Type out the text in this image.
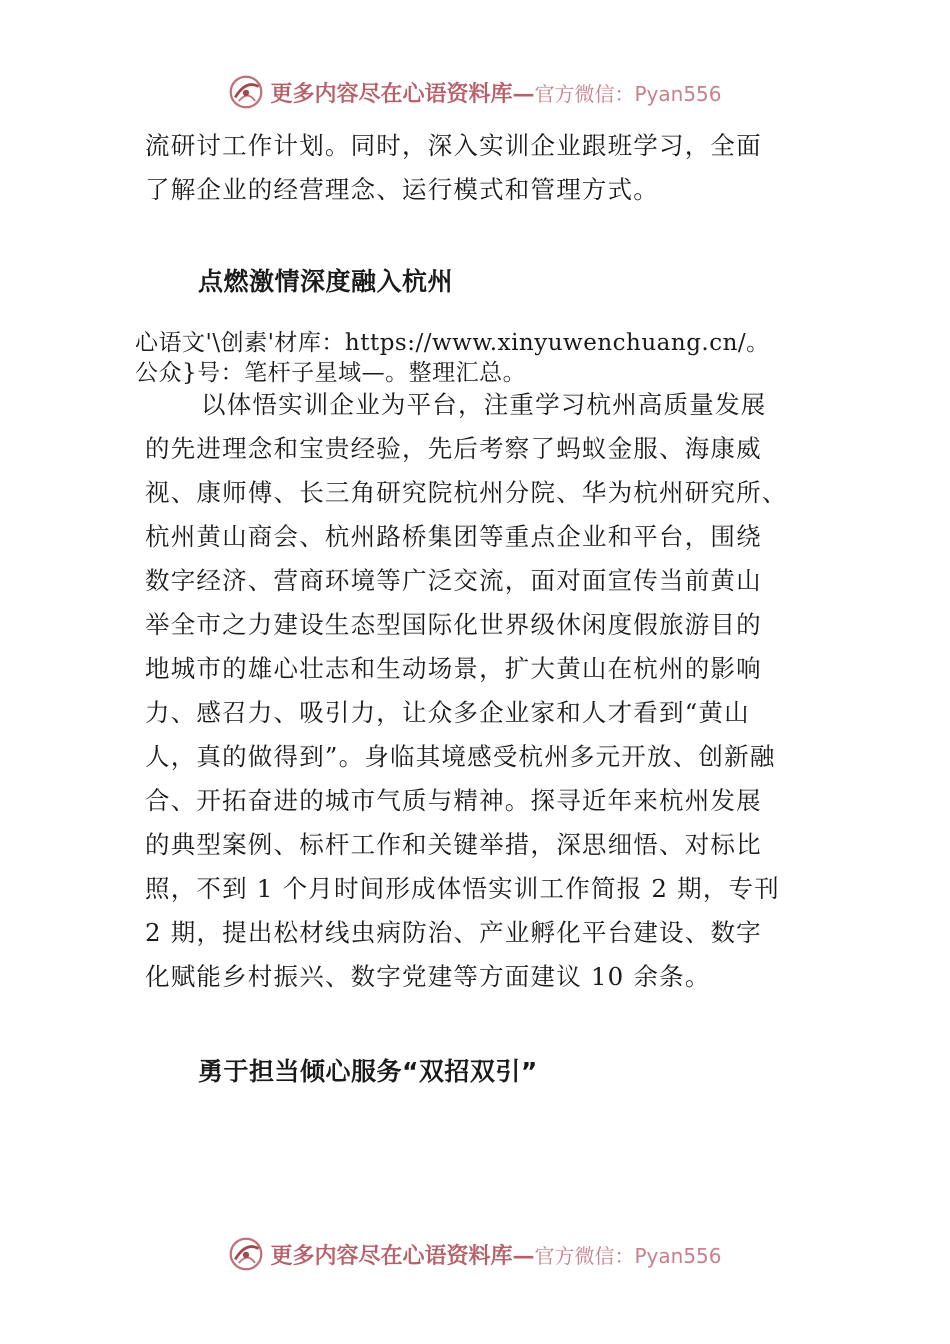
更多内容尽在心语资料库— 官方微信：Pyan556
流研讨工作计划。同时，深入实训企业跟班学习，全面
了解企业的经营理念、运行模式和管理方式。
点燃激情深度融入杭州
心语文'\创素'材库：https://www.xinyuwenchuang.cn/。
公众}号：笔杆子星域—。整理汇总。
以体悟实训企业为平台，注重学习杭州高质量发展
的先进理念和宝贵经验，先后考察了蚂蚁金服、海康威
视、康师傅、长三角研究院杭州分院、华为杭州研究所、
杭州黄山商会、杭州路桥集团等重点企业和平台，围绕
数字经济、营商环境等广泛交流，面对面宣传当前黄山
举全市之力建设生态型国际化世界级休闲度假旅游目的
地城市的雄心壮志和生动场景，扩大黄山在杭州的影响
力、感召力、吸引力，让众多企业家和人才看到“黄山
人，真的做得到”。身临其境感受杭州多元开放、创新融
合、开拓奋进的城市气质与精神。探寻近年来杭州发展
的典型案例、标杆工作和关键举措，深思细悟、对标比
照，不到 1 个月时间形成体悟实训工作简报 2 期，专刊
2 期，提出松材线虫病防治、产业孵化平台建设、数字
化赋能乡村振兴、数字党建等方面建议 10 余条。
勇于担当倾心服务“双招双引”
更多内容尽在心语资料库— 官方微信：Pyan556
